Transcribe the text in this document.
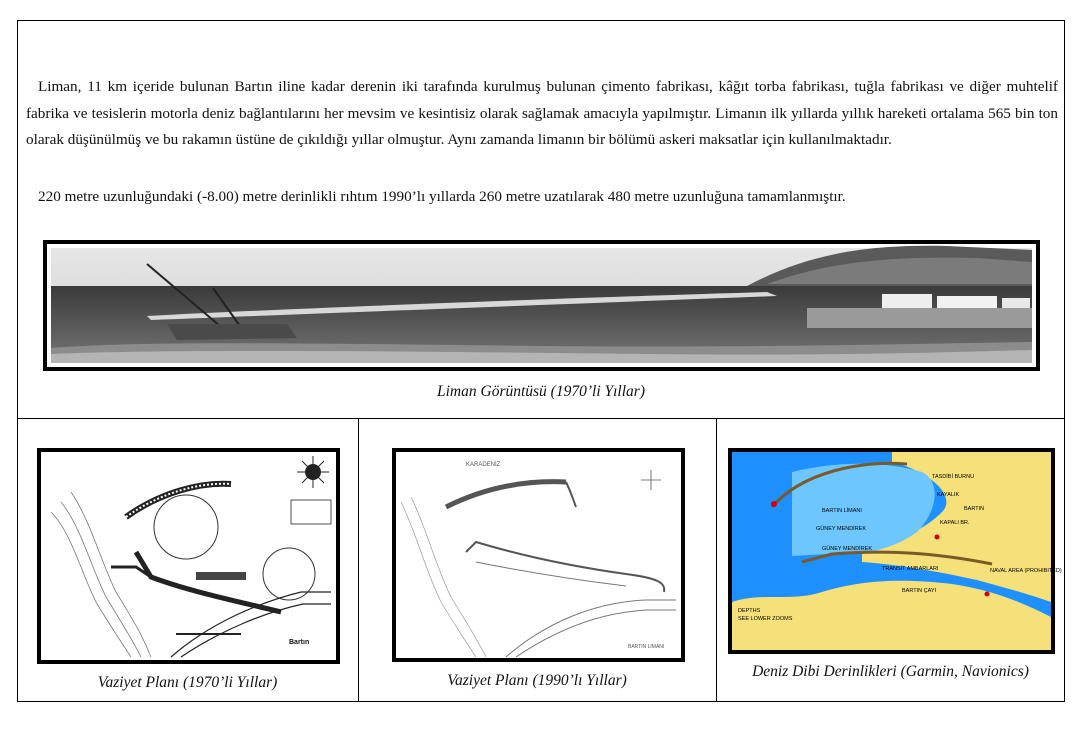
Liman, 11 km içeride bulunan Bartın iline kadar derenin iki tarafında kurulmuş bulunan çimento fabrikası, kâğıt torba fabrikası, tuğla fabrikası ve diğer muhtelif fabrika ve tesislerin motorla deniz bağlantılarını her mevsim ve kesintisiz olarak sağlamak amacıyla yapılmıştır. Limanın ilk yıllarda yıllık hareketi ortalama 565 bin ton olarak düşünülmüş ve bu rakamın üstüne de çıkıldığı yıllar olmuştur. Aynı zamanda limanın bir bölümü askeri maksatlar için kullanılmaktadır.

220 metre uzunluğundaki (-8.00) metre derinlikli rıhtım 1990’lı yıllarda 260 metre uzatılarak 480 metre uzunluğuna tamamlanmıştır.

Liman Görüntüsü (1970’li Yıllar)

Bartın

Vaziyet Planı (1970’li Yıllar)

KARADENİZ
BARTIN LİMANI

Vaziyet Planı (1990’lı Yıllar)

TASDİBİ BURNU
BARTIN
BARTIN LİMANI
GÜNEY MENDİREK
GÜNEY MENDİREK
TRANSİT AMBARLARI
BARTIN ÇAYI
NAVAL AREA (PROHIBITED)
KAYALIK
KAPALI BR.
DEPTHS
SEE LOWER ZOOMS

Deniz Dibi Derinlikleri (Garmin, Navionics)
